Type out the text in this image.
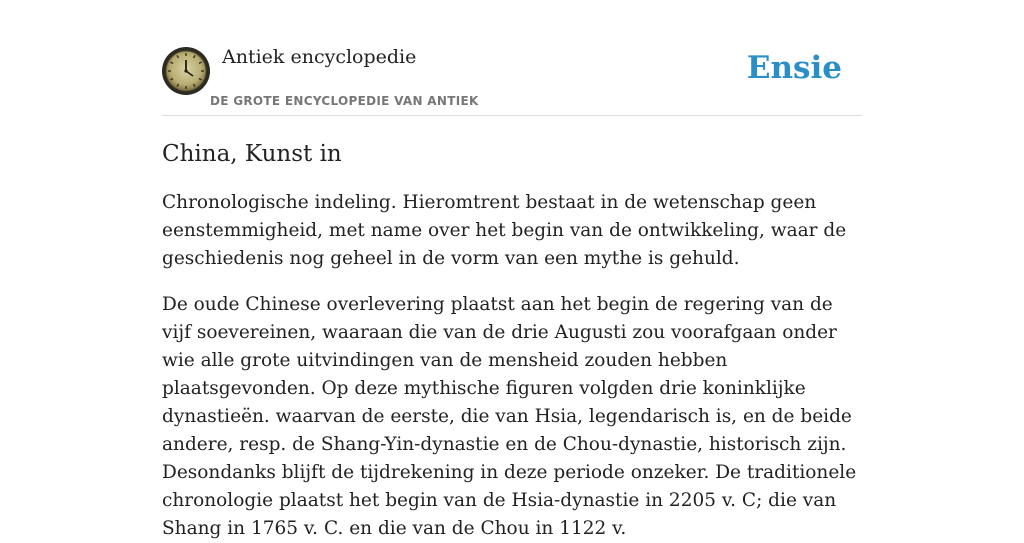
Antiek encyclopedie
DE GROTE ENCYCLOPEDIE VAN ANTIEK
Ensie
China, Kunst in

Chronologische indeling. Hieromtrent bestaat in de wetenschap geen eenstemmigheid, met name over het begin van de ontwikkeling, waar de geschiedenis nog geheel in de vorm van een mythe is gehuld.

De oude Chinese overlevering plaatst aan het begin de regering van de vijf soevereinen, waaraan die van de drie Augusti zou voorafgaan onder wie alle grote uitvindingen van de mensheid zouden hebben plaatsgevonden. Op deze mythische figuren volgden drie koninklijke dynastieën. waarvan de eerste, die van Hsia, legendarisch is, en de beide andere, resp. de Shang-Yin-dynastie en de Chou-dynastie, historisch zijn. Desondanks blijft de tijdrekening in deze periode onzeker. De traditionele chronologie plaatst het begin van de Hsia-dynastie in 2205 v. C; die van Shang in 1765 v. C. en die van de Chou in 1122 v.
